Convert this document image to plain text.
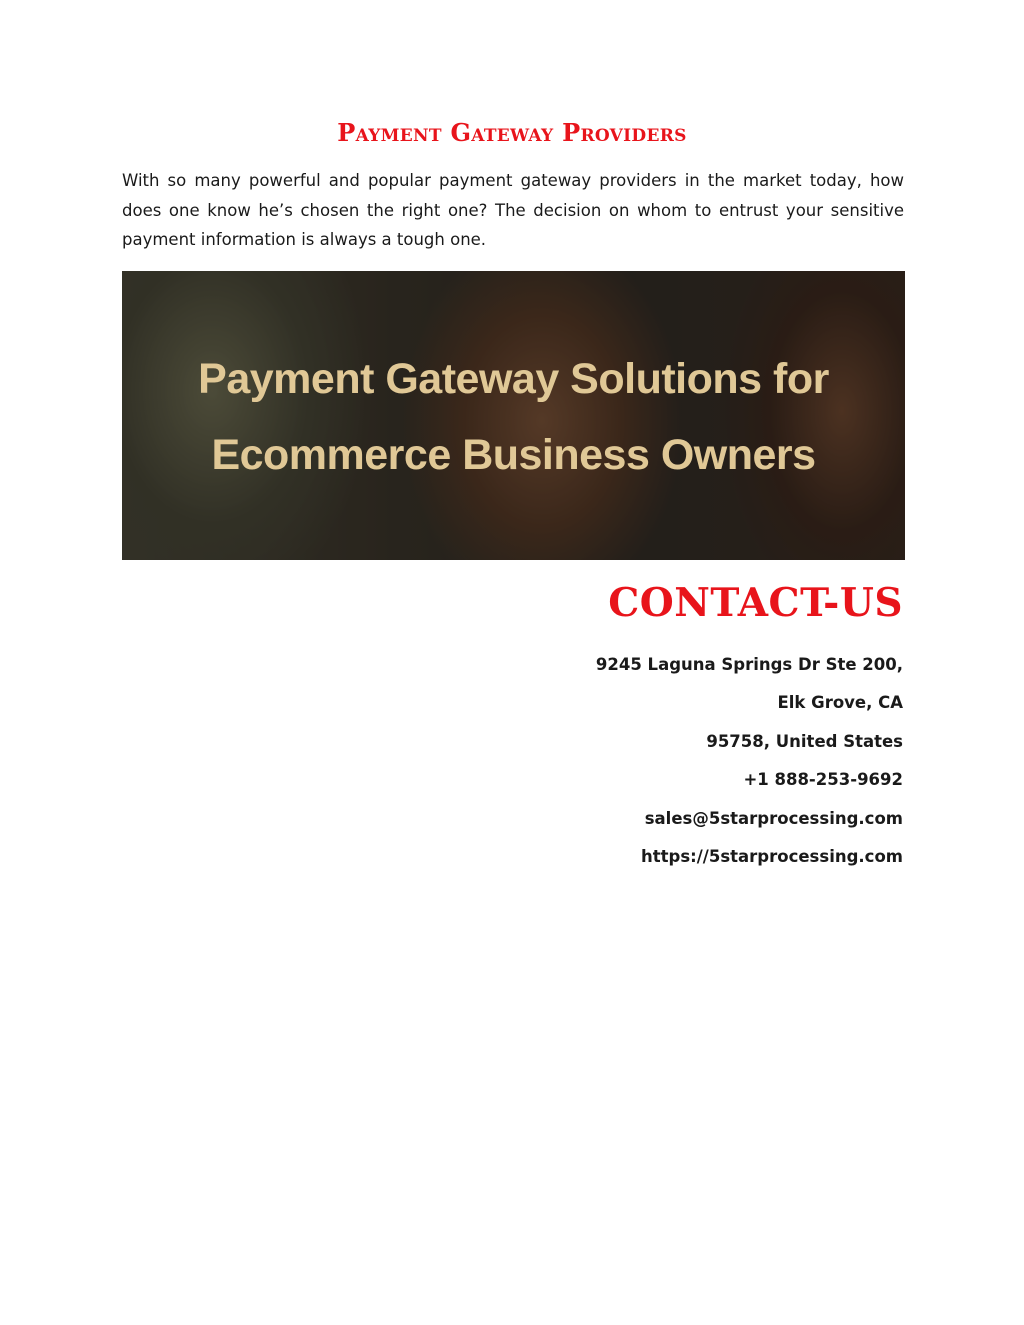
Payment Gateway Providers

With so many powerful and popular payment gateway providers in the market today, how does one know he’s chosen the right one? The decision on whom to entrust your sensitive payment information is always a tough one.

Payment Gateway Solutions for
Ecommerce Business Owners

CONTACT-US
9245 Laguna Springs Dr Ste 200,
Elk Grove, CA
95758, United States
+1 888-253-9692
sales@5starprocessing.com
https://5starprocessing.com
